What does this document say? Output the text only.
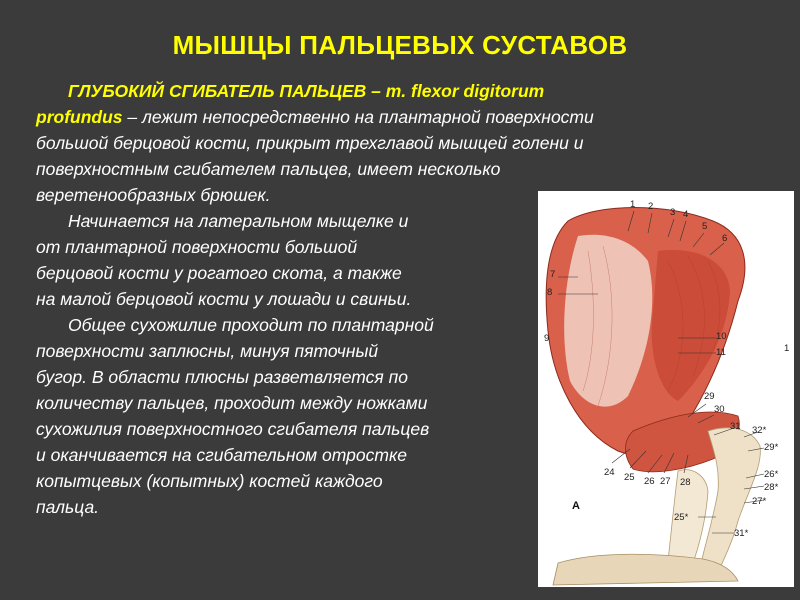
МЫШЦЫ ПАЛЬЦЕВЫХ СУСТАВОВ

ГЛУБОКИЙ СГИБАТЕЛЬ ПАЛЬЦЕВ – m. flexor digitorum
profundus – лежит непосредственно на плантарной поверхности
большой берцовой кости, прикрыт трехглавой мышцей голени и
поверхностным сгибателем пальцев, имеет несколько
веретенообразных брюшек.

Начинается на латеральном мыщелке и
от плантарной поверхности большой
берцовой кости у рогатого скота, а также
на малой берцовой кости у лошади и свиньи.

Общее сухожилие проходит по плантарной
поверхности заплюсны, минуя пяточный
бугор. В области плюсны разветвляется по
количеству пальцев, проходит между ножками
сухожилия поверхностного сгибателя пальцев
и оканчивается на сгибательном отростке
копытцевых (копытных) костей каждого
пальца.

1 2
3 4
5
6
7
8
9	10
11	1
29
30
31 32*
29*
24 25 26 27 28
26*
28*
27*
25*
31*
A
